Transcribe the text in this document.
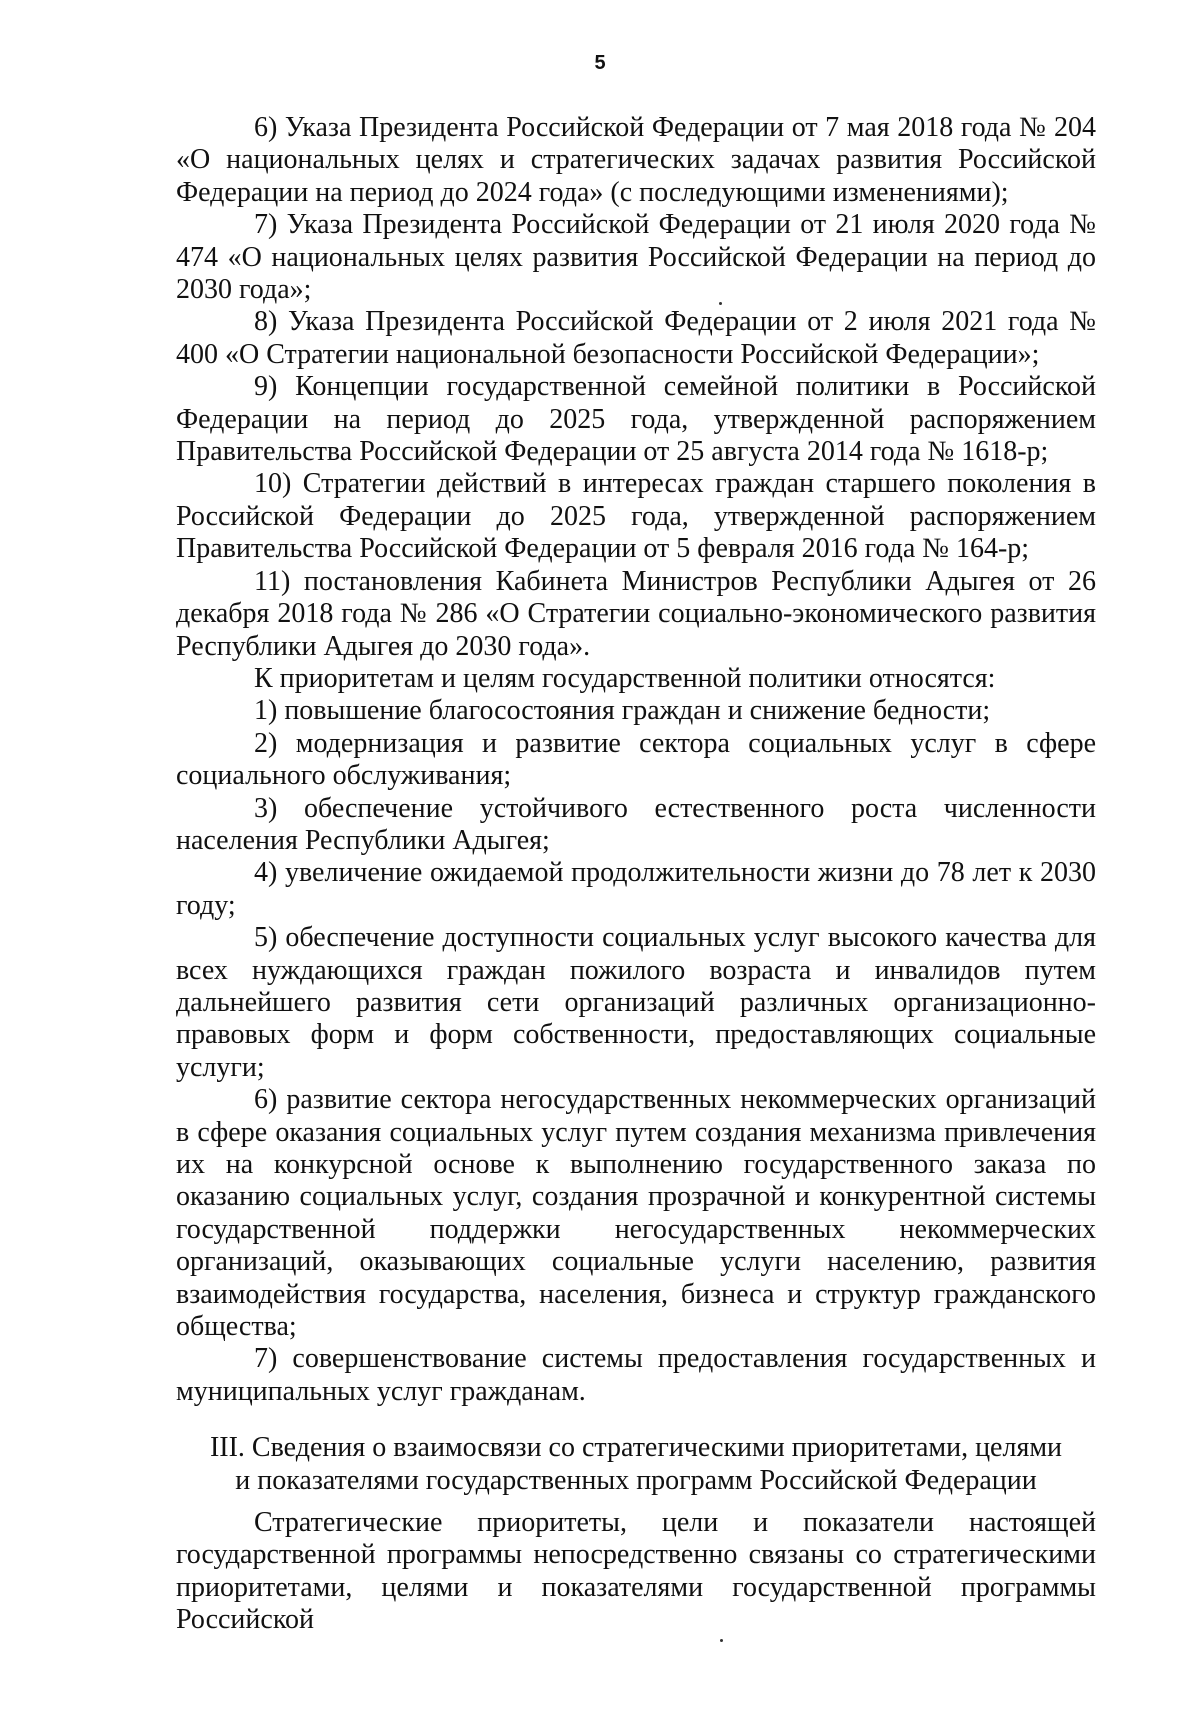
5

6) Указа Президента Российской Федерации от 7 мая 2018 года № 204 «О национальных целях и стратегических задачах развития Российской Федерации на период до 2024 года» (с последующими изменениями);

7) Указа Президента Российской Федерации от 21 июля 2020 года № 474 «О национальных целях развития Российской Федерации на период до 2030 года»;

8) Указа Президента Российской Федерации от 2 июля 2021 года № 400 «О Стратегии национальной безопасности Российской Федерации»;

9) Концепции государственной семейной политики в Российской Федерации на период до 2025 года, утвержденной распоряжением Правительства Российской Федерации от 25 августа 2014 года № 1618-р;

10) Стратегии действий в интересах граждан старшего поколения в Российской Федерации до 2025 года, утвержденной распоряжением Правительства Российской Федерации от 5 февраля 2016 года № 164-р;

11) постановления Кабинета Министров Республики Адыгея от 26 декабря 2018 года № 286 «О Стратегии социально-экономического развития Республики Адыгея до 2030 года».

К приоритетам и целям государственной политики относятся:

1) повышение благосостояния граждан и снижение бедности;

2) модернизация и развитие сектора социальных услуг в сфере социального обслуживания;

3) обеспечение устойчивого естественного роста численности населения Республики Адыгея;

4) увеличение ожидаемой продолжительности жизни до 78 лет к 2030 году;

5) обеспечение доступности социальных услуг высокого качества для всех нуждающихся граждан пожилого возраста и инвалидов путем дальнейшего развития сети организаций различных организационно-правовых форм и форм собственности, предоставляющих социальные услуги;

6) развитие сектора негосударственных некоммерческих организаций в сфере оказания социальных услуг путем создания механизма привлечения их на конкурсной основе к выполнению государственного заказа по оказанию социальных услуг, создания прозрачной и конкурентной системы государственной поддержки негосударственных некоммерческих организаций, оказывающих социальные услуги населению, развития взаимодействия государства, населения, бизнеса и структур гражданского общества;

7) совершенствование системы предоставления государственных и муниципальных услуг гражданам.

III. Сведения о взаимосвязи со стратегическими приоритетами, целями
и показателями государственных программ Российской Федерации

Стратегические приоритеты, цели и показатели настоящей государственной программы непосредственно связаны со стратегическими приоритетами, целями и показателями государственной программы Российской
